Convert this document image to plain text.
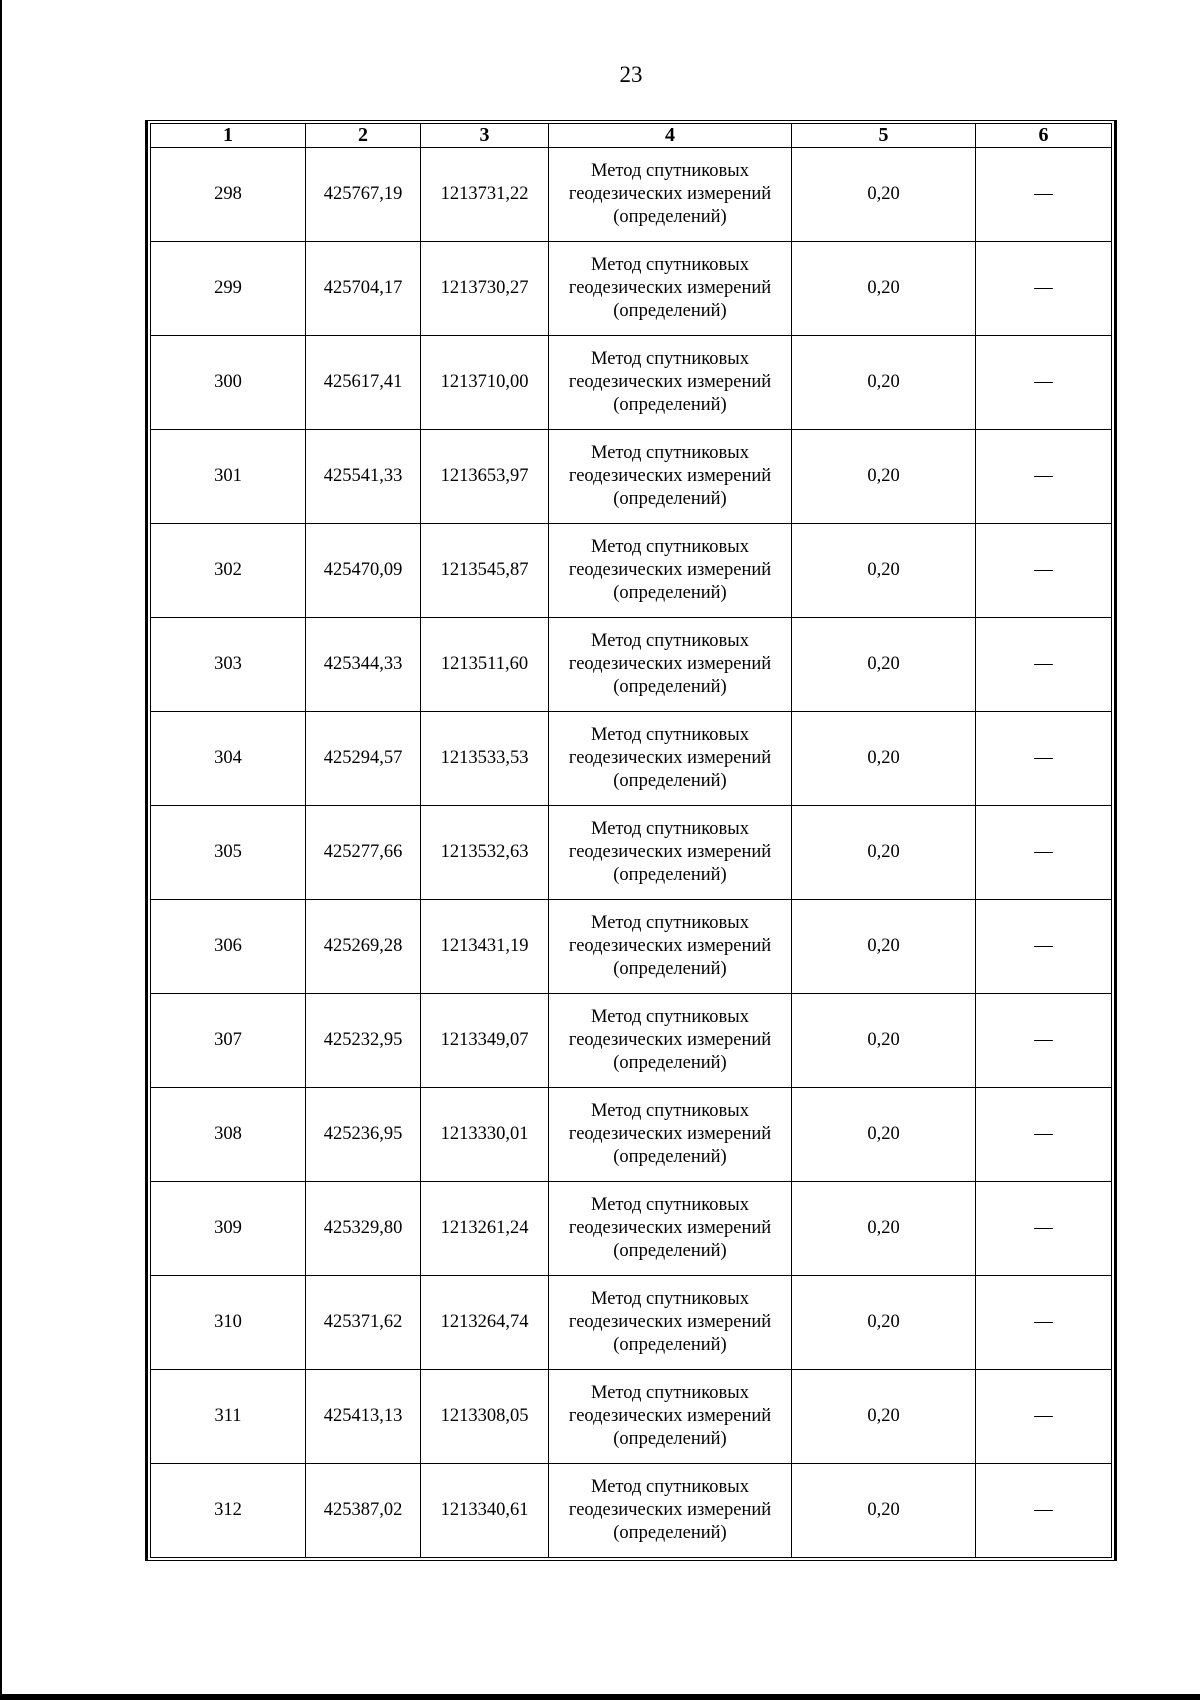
23
1	2	3	4	5	6
298	425767,19	1213731,22	Метод спутниковых геодезических измерений (определений)	0,20	—
299	425704,17	1213730,27	Метод спутниковых геодезических измерений (определений)	0,20	—
300	425617,41	1213710,00	Метод спутниковых геодезических измерений (определений)	0,20	—
301	425541,33	1213653,97	Метод спутниковых геодезических измерений (определений)	0,20	—
302	425470,09	1213545,87	Метод спутниковых геодезических измерений (определений)	0,20	—
303	425344,33	1213511,60	Метод спутниковых геодезических измерений (определений)	0,20	—
304	425294,57	1213533,53	Метод спутниковых геодезических измерений (определений)	0,20	—
305	425277,66	1213532,63	Метод спутниковых геодезических измерений (определений)	0,20	—
306	425269,28	1213431,19	Метод спутниковых геодезических измерений (определений)	0,20	—
307	425232,95	1213349,07	Метод спутниковых геодезических измерений (определений)	0,20	—
308	425236,95	1213330,01	Метод спутниковых геодезических измерений (определений)	0,20	—
309	425329,80	1213261,24	Метод спутниковых геодезических измерений (определений)	0,20	—
310	425371,62	1213264,74	Метод спутниковых геодезических измерений (определений)	0,20	—
311	425413,13	1213308,05	Метод спутниковых геодезических измерений (определений)	0,20	—
312	425387,02	1213340,61	Метод спутниковых геодезических измерений (определений)	0,20	—
